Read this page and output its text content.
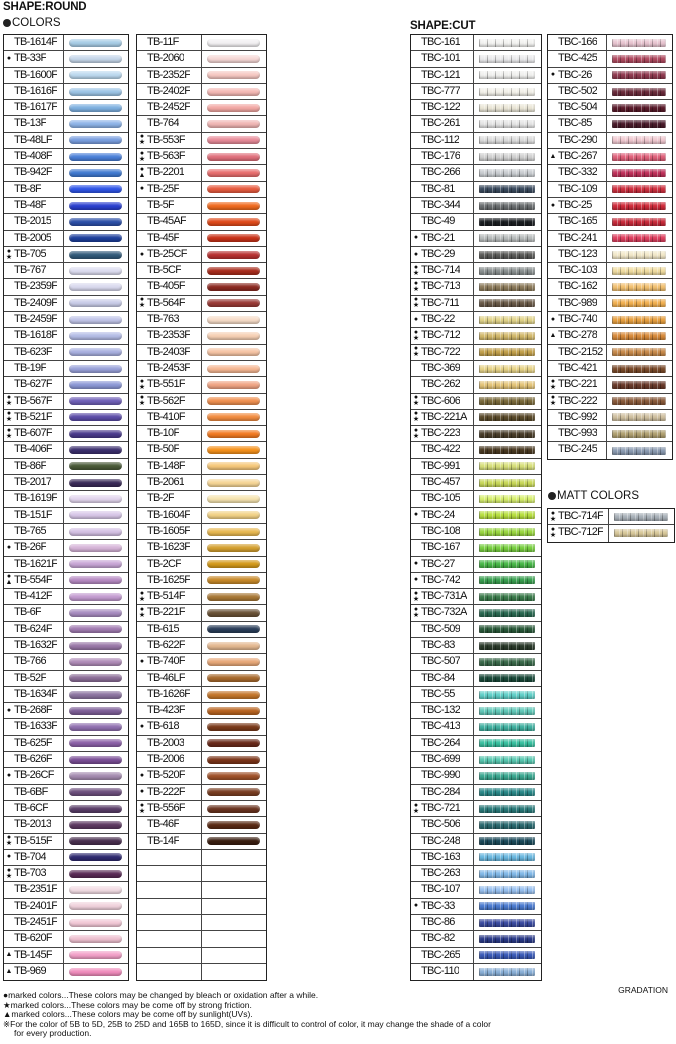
SHAPE:ROUND
COLORS	SHAPE:CUT
TB-1614F
● TB-33F
TB-1600F
TB-1616F
TB-1617F
TB-13F
TB-48LF
TB-408F
TB-942F
TB-8F
TB-48F
TB-2015
TB-2005
●
★ TB-705
TB-767
TB-2359F
TB-2409F
TB-2459F
TB-1618F
TB-623F
TB-19F
TB-627F
●
★ TB-567F
●
★ TB-521F
●
★ TB-607F
TB-406F
TB-86F
TB-2017
TB-1619F
TB-151F
TB-765
● TB-26F
TB-1621F
●
▲ TB-554F
TB-412F
TB-6F
TB-624F
TB-1632F
TB-766
TB-52F
TB-1634F
● TB-268F
TB-1633F
TB-625F
TB-626F
● TB-26CF
TB-6BF
TB-6CF
TB-2013
●
★ TB-515F
● TB-704
●
★ TB-703
TB-2351F
TB-2401F
TB-2451F
TB-620F
▲ TB-145F
▲ TB-969
TB-11F
TB-2060
TB-2352F
TB-2402F
TB-2452F
TB-764
●
★ TB-553F
●
★ TB-563F
●
▲ TB-2201
● TB-25F
TB-5F
TB-45AF
TB-45F
● TB-25CF
TB-5CF
TB-405F
●
★ TB-564F
TB-763
TB-2353F
TB-2403F
TB-2453F
●
★ TB-551F
●
★ TB-562F
TB-410F
TB-10F
TB-50F
TB-148F
TB-2061
TB-2F
TB-1604F
TB-1605F
TB-1623F
TB-2CF
TB-1625F
●
★ TB-514F
●
★ TB-221F
TB-615
TB-622F
● TB-740F
TB-46LF
TB-1626F
TB-423F
● TB-618
TB-2003
TB-2006
● TB-520F
● TB-222F
●
★ TB-556F
TB-46F
TB-14F
TBC-161
TBC-101
TBC-121
TBC-777
TBC-122
TBC-261
TBC-112
TBC-176
TBC-266
TBC-81
TBC-344
TBC-49
● TBC-21
● TBC-29
●
★ TBC-714
●
★ TBC-713
●
★ TBC-711
● TBC-22
●
★ TBC-712
●
★ TBC-722
TBC-369
TBC-262
●
★ TBC-606
●
★ TBC-221A
●
★ TBC-223
TBC-422
TBC-991
TBC-457
TBC-105
● TBC-24
TBC-108
TBC-167
● TBC-27
● TBC-742
●
★ TBC-731A
●
★ TBC-732A
TBC-509
TBC-83
TBC-507
TBC-84
TBC-55
TBC-132
TBC-413
TBC-264
TBC-699
TBC-990
TBC-284
●
★ TBC-721
TBC-506
TBC-248
TBC-163
TBC-263
TBC-107
● TBC-33
TBC-86
TBC-82
TBC-265
TBC-110
TBC-166
TBC-425
● TBC-26
TBC-502
TBC-504
TBC-85
TBC-290
▲ TBC-267
TBC-332
TBC-109
● TBC-25
TBC-165
TBC-241
TBC-123
TBC-103
TBC-162
TBC-989
● TBC-740
▲ TBC-278
TBC-2152
TBC-421
●
★ TBC-221
●
★ TBC-222
TBC-992
TBC-993
TBC-245
MATT COLORS
●
★ TBC-714F
●
★ TBC-712F
GRADATION
●marked colors...These colors may be changed by bleach or oxidation after a while.
★marked colors...These colors may be come off by strong friction.
▲marked colors...These colors may be come off by sunlight(UVs).
※For the color of 5B to 5D, 25B to 25D and 165B to 165D, since it is difficult to control of color, it may change the shade of a color
for every production.
